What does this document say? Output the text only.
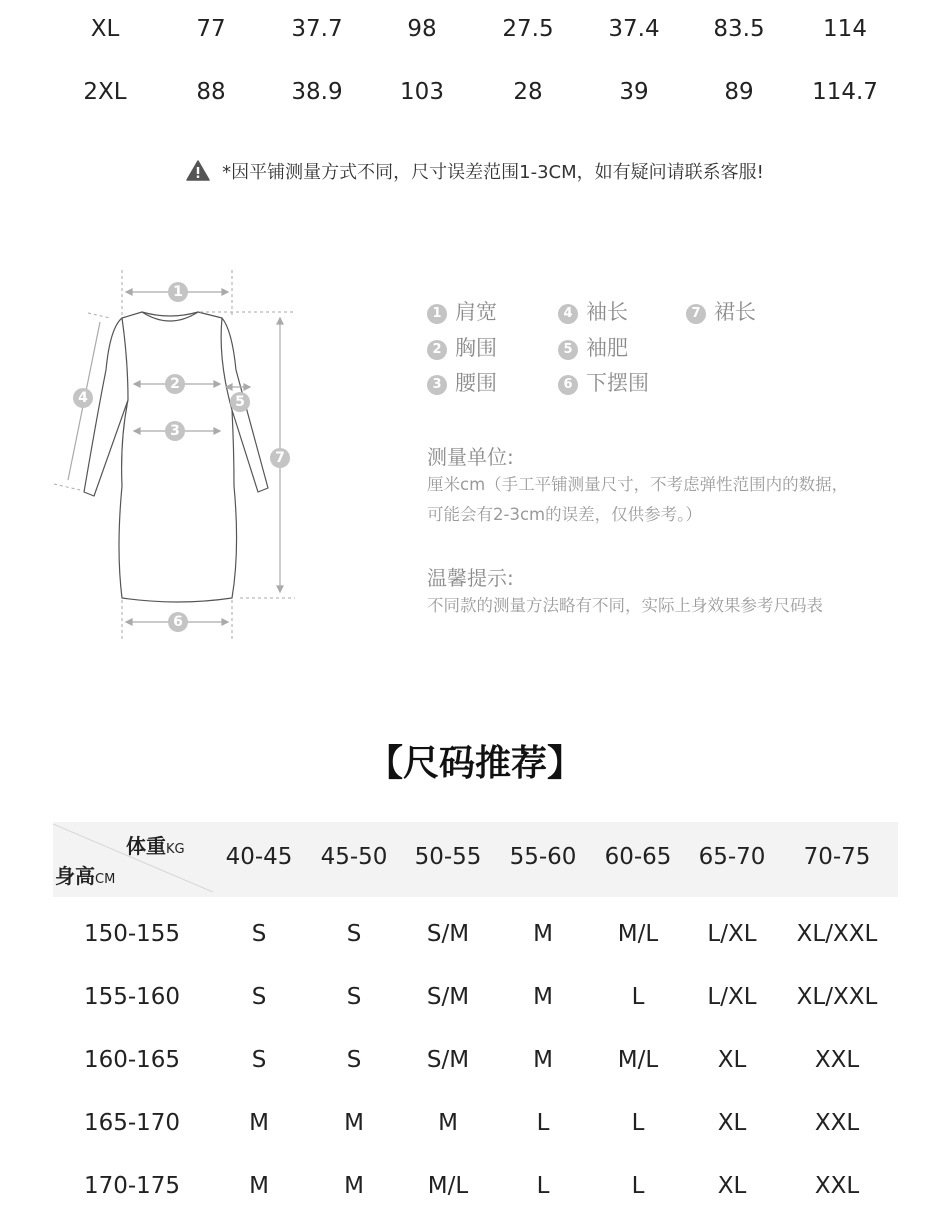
XL	77	37.7	98	27.5 37.4 83.5	114
2XL	88	38.9 103	28	39	89	114.7
*因平铺测量方式不同，尺寸误差范围1-3CM，如有疑问请联系客服!
1
2
3
4	5
6
7
1 肩宽
2 胸围
3 腰围
4 袖长
5 袖肥
6 下摆围
7 裙长
测量单位:
厘米cm（手工平铺测量尺寸，不考虑弹性范围内的数据，
可能会有2-3cm的误差，仅供参考。）
温馨提示:
不同款的测量方法略有不同，实际上身效果参考尺码表
【尺码推荐】
体重KG
身高CM
40-45 45-50 50-55 55-60 60-65 65-70 70-75
150-155	S	S	S/M	M	M/L L/XL XL/XXL
155-160	S	S	S/M	M	L	L/XL XL/XXL
160-165	S	S	S/M	M	M/L	XL	XXL
165-170	M	M	M	L	L	XL	XXL
170-175	M	M	M/L	L	L	XL	XXL
